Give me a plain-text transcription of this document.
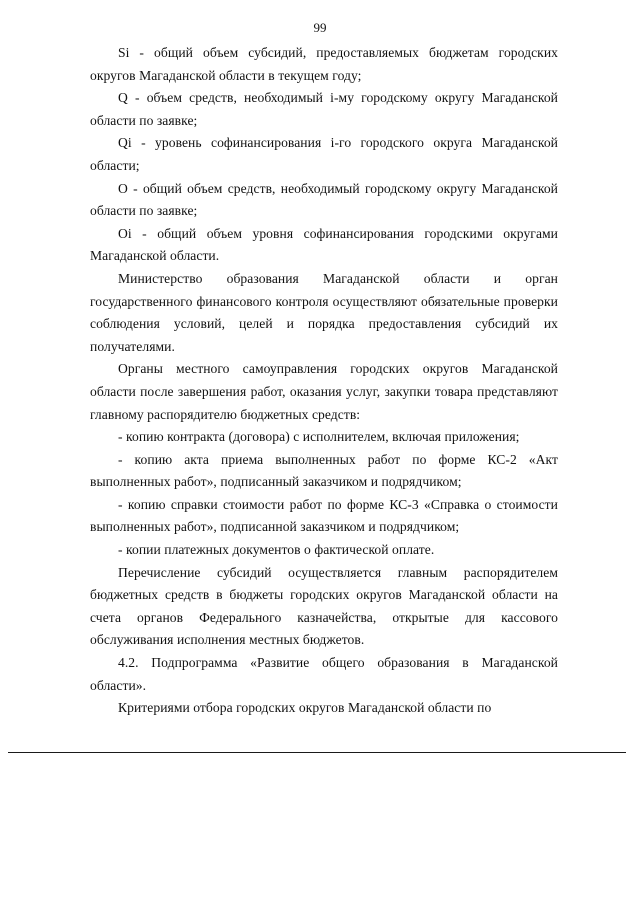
99

Si - общий объем субсидий, предоставляемых бюджетам городских округов Магаданской области в текущем году;

Q - объем средств, необходимый i-му городскому округу Магаданской области по заявке;

Qi - уровень софинансирования i-го городского округа Магаданской области;

О - общий объем средств, необходимый городскому округу Магаданской области по заявке;

Оi - общий объем уровня софинансирования городскими округами Магаданской области.

Министерство образования Магаданской области и орган государственного финансового контроля осуществляют обязательные проверки соблюдения условий, целей и порядка предоставления субсидий их получателями.

Органы местного самоуправления городских округов Магаданской области после завершения работ, оказания услуг, закупки товара представляют главному распорядителю бюджетных средств:

- копию контракта (договора) с исполнителем, включая приложения;

- копию акта приема выполненных работ по форме КС-2 «Акт выполненных работ», подписанный заказчиком и подрядчиком;

- копию справки стоимости работ по форме КС-3 «Справка о стоимости выполненных работ», подписанной заказчиком и подрядчиком;

- копии платежных документов о фактической оплате.

Перечисление субсидий осуществляется главным распорядителем бюджетных средств в бюджеты городских округов Магаданской области на счета органов Федерального казначейства, открытые для кассового обслуживания исполнения местных бюджетов.

4.2. Подпрограмма «Развитие общего образования в Магаданской области».

Критериями отбора городских округов Магаданской области по
